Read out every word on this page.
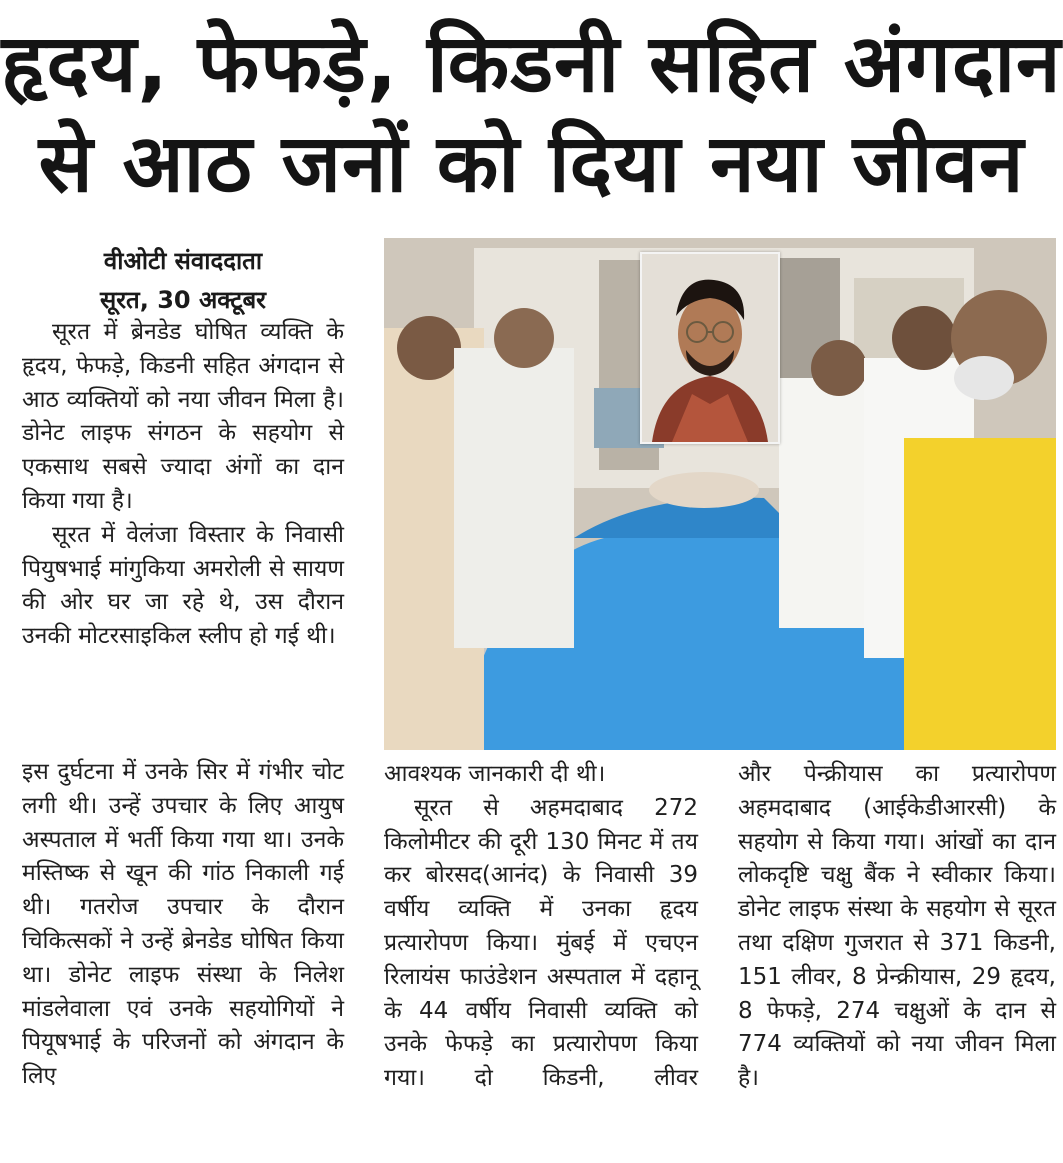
हृदय, फेफड़े, किडनी सहित अंगदान
से आठ जनों को दिया नया जीवन
वीओटी संवाददाता
सूरत, 30 अक्टूबर

सूरत में ब्रेनडेड घोषित व्यक्ति के हृदय, फेफड़े, किडनी सहित अंगदान से आठ व्यक्तियों को नया जीवन मिला है। डोनेट लाइफ संगठन के सहयोग से एकसाथ सबसे ज्यादा अंगों का दान किया गया है।

सूरत में वेलंजा विस्तार के निवासी पियुषभाई मांगुकिया अमरोली से सायण की ओर घर जा रहे थे, उस दौरान उनकी मोटरसाइकिल स्लीप हो गई थी।

इस दुर्घटना में उनके सिर में गंभीर चोट लगी थी। उन्हें उपचार के लिए आयुष अस्पताल में भर्ती किया गया था। उनके मस्तिष्क से खून की गांठ निकाली गई थी। गतरोज उपचार के दौरान चिकित्सकों ने उन्हें ब्रेनडेड घोषित किया था। डोनेट लाइफ संस्था के निलेश मांडलेवाला एवं उनके सहयोगियों ने पियूषभाई के परिजनों को अंगदान के लिए

आवश्यक जानकारी दी थी।

सूरत से अहमदाबाद 272 किलोमीटर की दूरी 130 मिनट में तय कर बोरसद(आनंद) के निवासी 39 वर्षीय व्यक्ति में उनका हृदय प्रत्यारोपण किया। मुंबई में एचएन रिलायंस फाउंडेशन अस्पताल में दहानू के 44 वर्षीय निवासी व्यक्ति को उनके फेफड़े का प्रत्यारोपण किया गया। दो किडनी, लीवर

और पेन्क्रीयास का प्रत्यारोपण अहमदाबाद (आईकेडीआरसी) के सहयोग से किया गया। आंखों का दान लोकदृष्टि चक्षु बैंक ने स्वीकार किया। डोनेट लाइफ संस्था के सहयोग से सूरत तथा दक्षिण गुजरात से 371 किडनी, 151 लीवर, 8 प्रेन्क्रीयास, 29 हृदय, 8 फेफड़े, 274 चक्षुओं के दान से 774 व्यक्तियों को नया जीवन मिला है।
